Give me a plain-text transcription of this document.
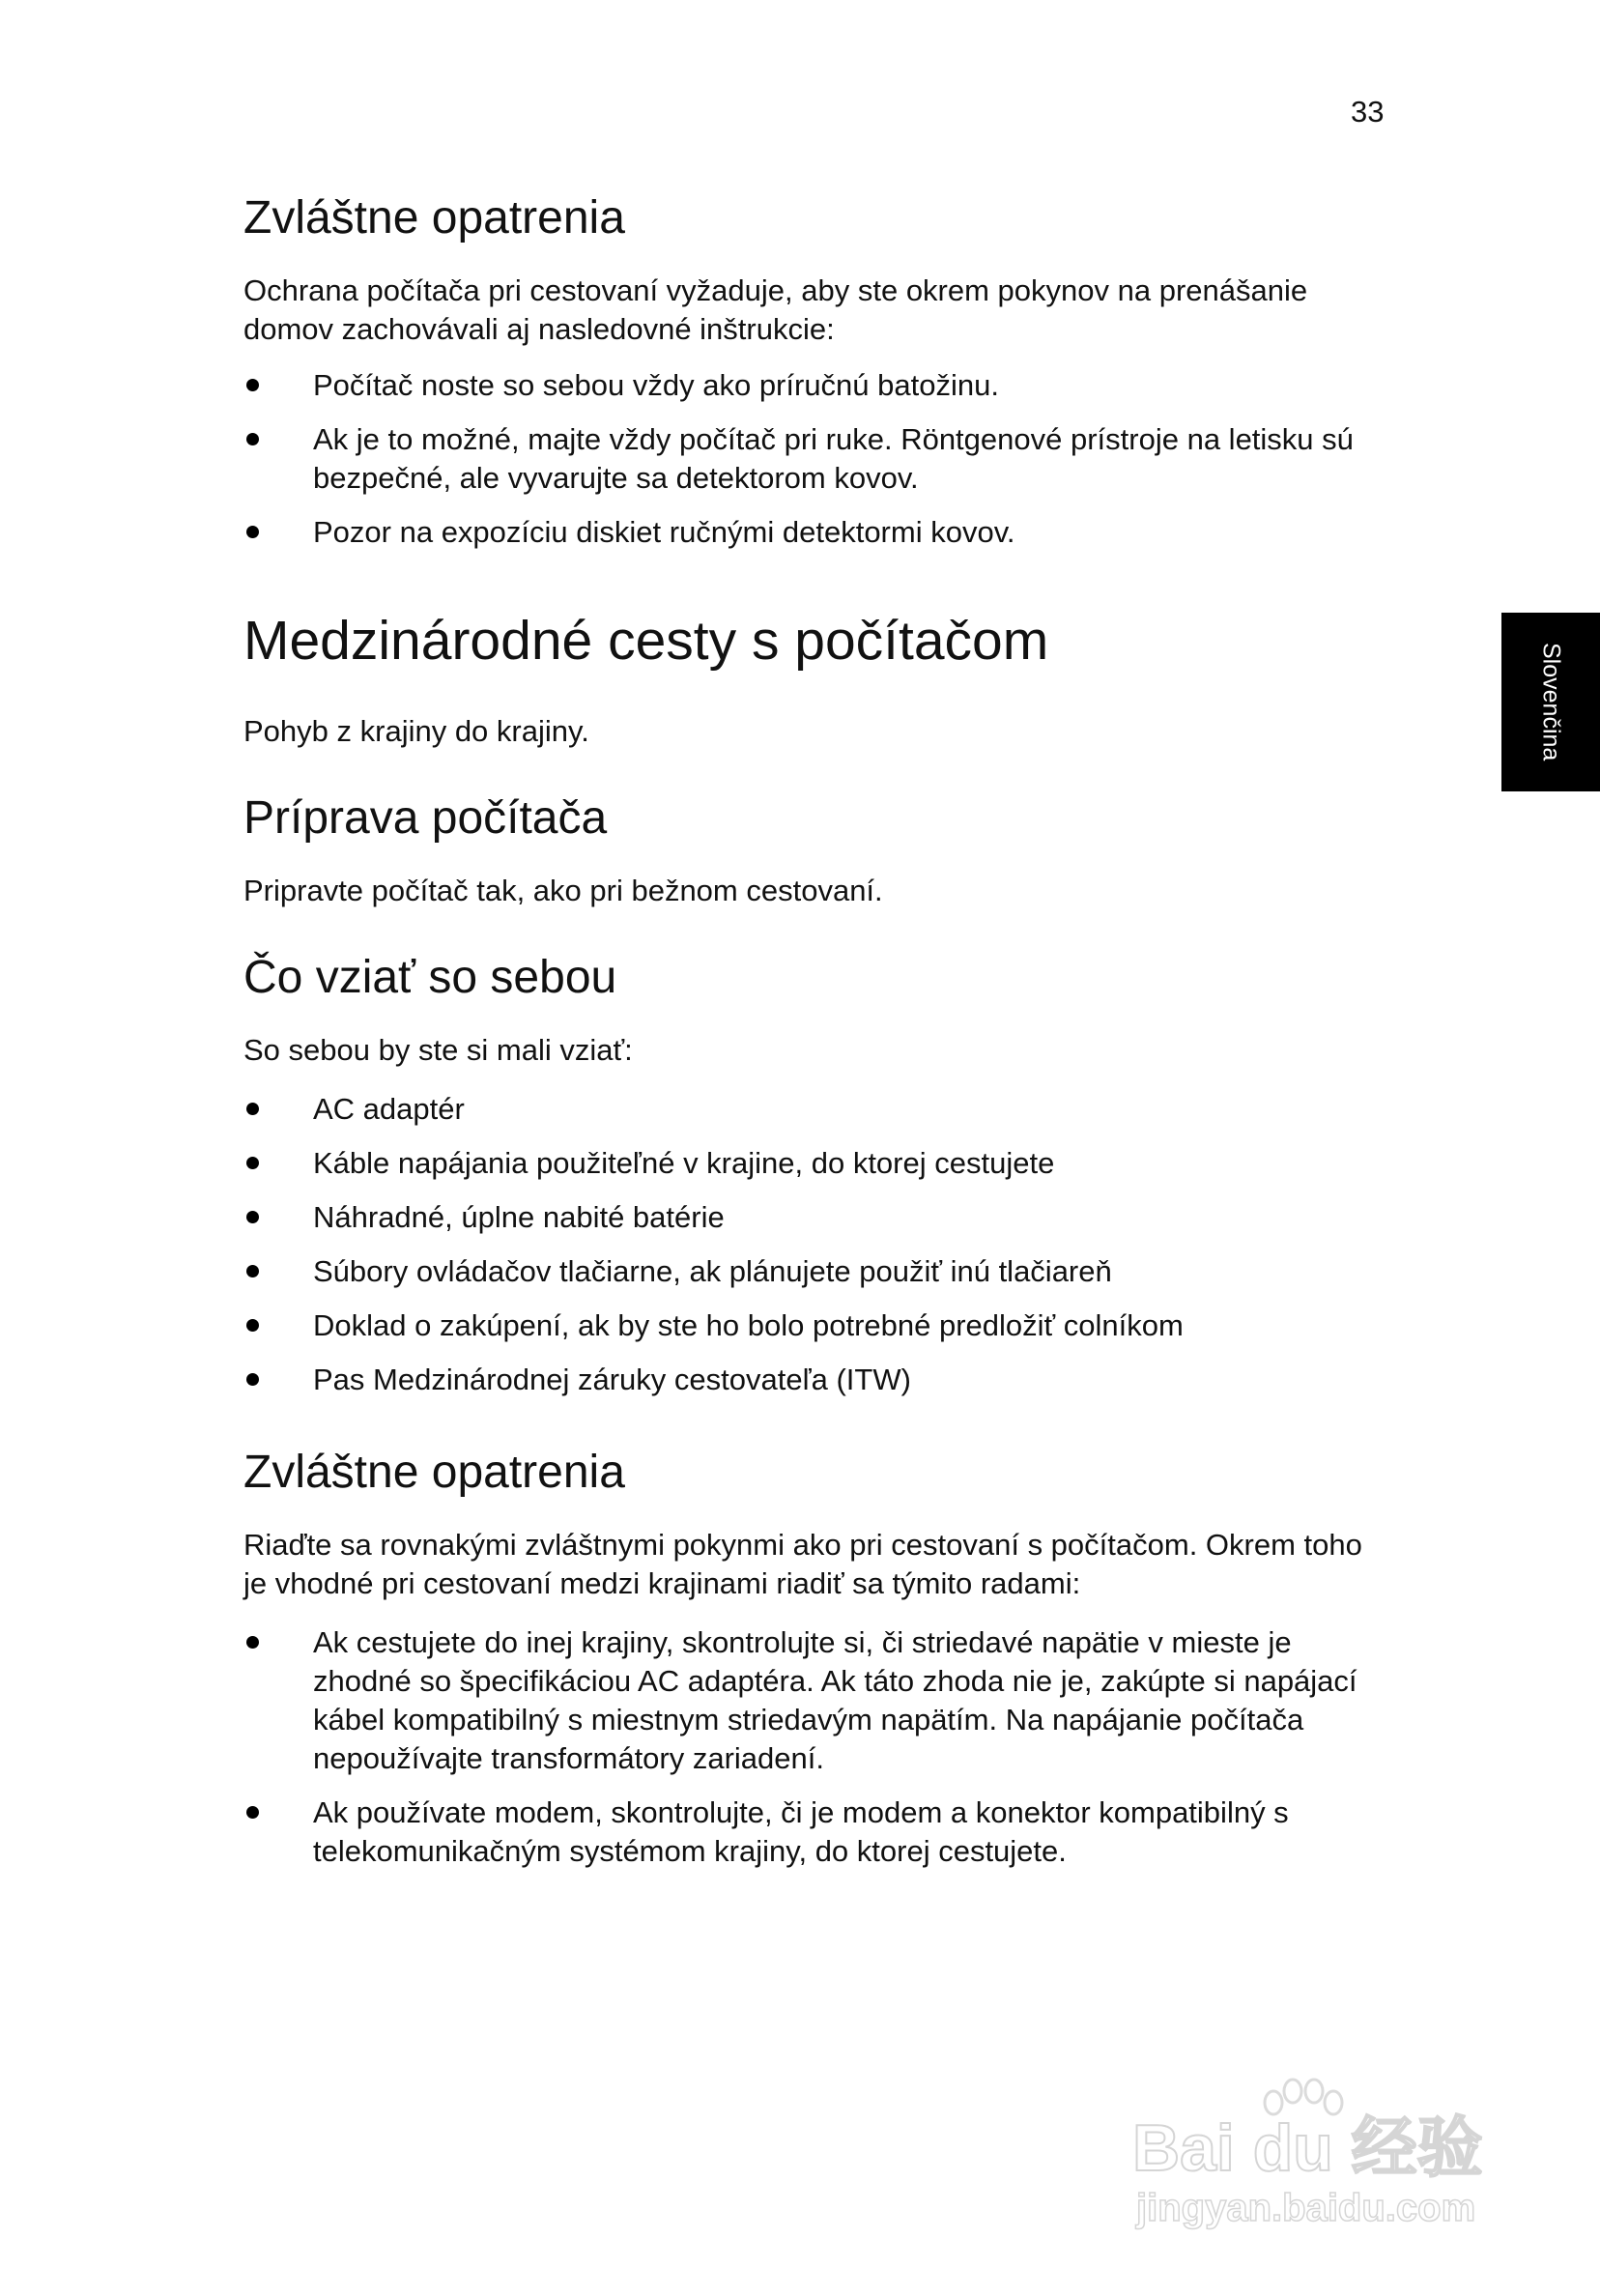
33
Slovenčina
Zvláštne opatrenia

Ochrana počítača pri cestovaní vyžaduje, aby ste okrem pokynov na prenášanie domov zachovávali aj nasledovné inštrukcie:

Počítač noste so sebou vždy ako príručnú batožinu.
Ak je to možné, majte vždy počítač pri ruke. Röntgenové prístroje na letisku sú bezpečné, ale vyvarujte sa detektorom kovov.
Pozor na expozíciu diskiet ručnými detektormi kovov.
Medzinárodné cesty s počítačom

Pohyb z krajiny do krajiny.

Príprava počítača

Pripravte počítač tak, ako pri bežnom cestovaní.

Čo vziať so sebou

So sebou by ste si mali vziať:

AC adaptér
Káble napájania použiteľné v krajine, do ktorej cestujete
Náhradné, úplne nabité batérie
Súbory ovládačov tlačiarne, ak plánujete použiť inú tlačiareň
Doklad o zakúpení, ak by ste ho bolo potrebné predložiť colníkom
Pas Medzinárodnej záruky cestovateľa (ITW)
Zvláštne opatrenia

Riaďte sa rovnakými zvláštnymi pokynmi ako pri cestovaní s počítačom. Okrem toho je vhodné pri cestovaní medzi krajinami riadiť sa týmito radami:

Ak cestujete do inej krajiny, skontrolujte si, či striedavé napätie v mieste je zhodné so špecifikáciou AC adaptéra. Ak táto zhoda nie je, zakúpte si napájací kábel kompatibilný s miestnym striedavým napätím. Na napájanie počítača nepoužívajte transformátory zariadení.
Ak používate modem, skontrolujte, či je modem a konektor kompatibilný s telekomunikačným systémom krajiny, do ktorej cestujete.
Bai du 经验
jingyan.baidu.com
